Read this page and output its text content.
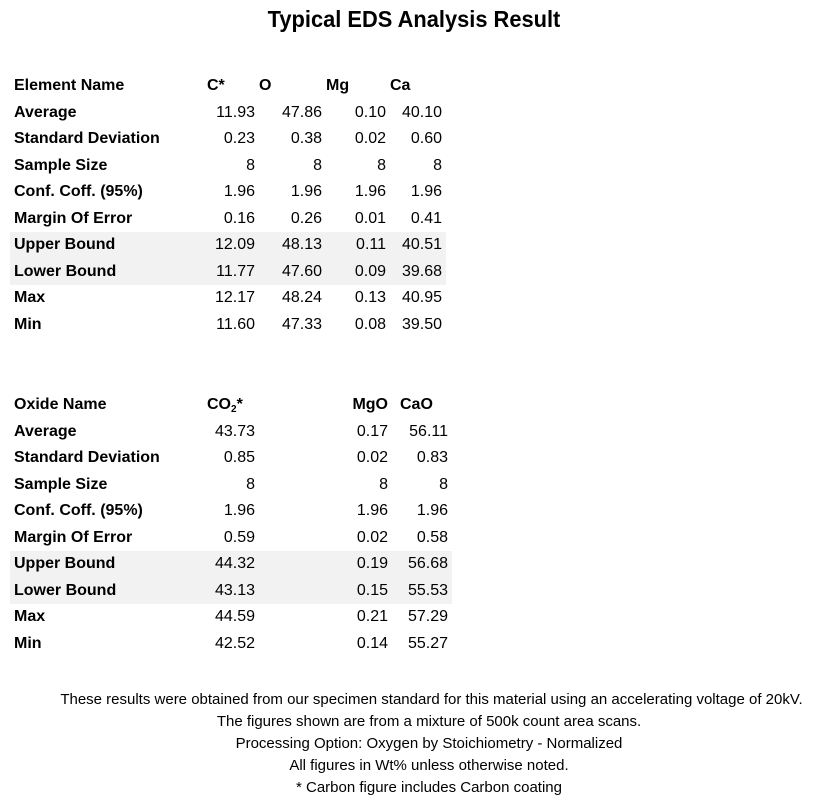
Typical EDS Analysis Result
Element Name	C*	O	Mg	Ca
Average	11.93	47.86	0.10	40.10
Standard Deviation	0.23	0.38	0.02	0.60
Sample Size	8	8	8	8
Conf. Coff. (95%)	1.96	1.96	1.96	1.96
Margin Of Error	0.16	0.26	0.01	0.41
Upper Bound	12.09	48.13	0.11	40.51
Lower Bound	11.77	47.60	0.09	39.68
Max	12.17	48.24	0.13	40.95
Min	11.60	47.33	0.08	39.50
Oxide Name	$CO_2*$		MgO	CaO
Average	43.73		0.17	56.11
Standard Deviation	0.85		0.02	0.83
Sample Size	8		8	8
Conf. Coff. (95%)	1.96		1.96	1.96
Margin Of Error	0.59		0.02	0.58
Upper Bound	44.32		0.19	56.68
Lower Bound	43.13		0.15	55.53
Max	44.59		0.21	57.29
Min	42.52		0.14	55.27
These results were obtained from our specimen standard for this material using an accelerating voltage of 20kV.
The figures shown are from a mixture of 500k count area scans.
Processing Option: Oxygen by Stoichiometry - Normalized
All figures in Wt% unless otherwise noted.
* Carbon figure includes Carbon coating
